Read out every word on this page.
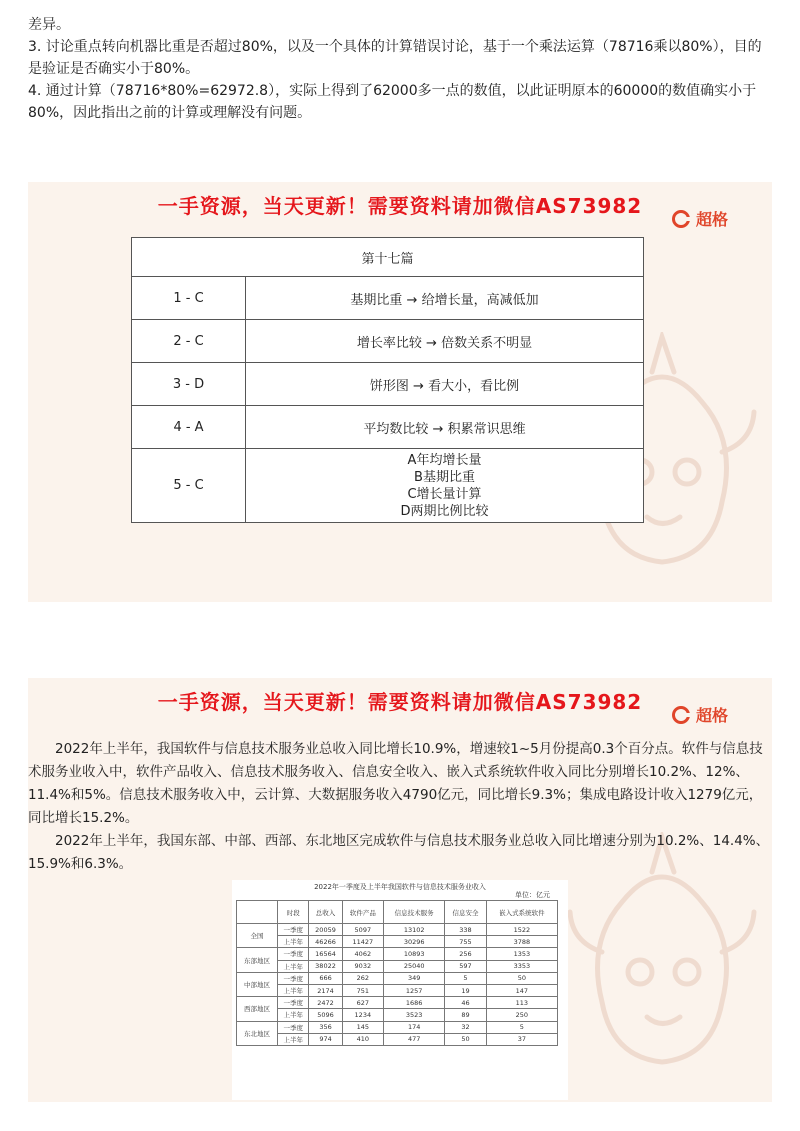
差异。

3. 讨论重点转向机器比重是否超过80%，以及一个具体的计算错误讨论，基于一个乘法运算（78716乘以80%），目的是验证是否确实小于80%。

4. 通过计算（78716*80%=62972.8），实际上得到了62000多一点的数值，以此证明原本的60000的数值确实小于80%，因此指出之前的计算或理解没有问题。

一手资源，当天更新！需要资料请加微信AS73982
超格
第十七篇	
1 - C	基期比重 → 给增长量，高减低加
2 - C	增长率比较 → 倍数关系不明显
3 - D	饼形图 → 看大小，看比例
4 - A	平均数比较 → 积累常识思维
5 - C	A年均增长量
B基期比重
C增长量计算
D两期比例比较
一手资源，当天更新！需要资料请加微信AS73982
超格

2022年上半年，我国软件与信息技术服务业总收入同比增长10.9%，增速较1~5月份提高0.3个百分点。软件与信息技术服务业收入中，软件产品收入、信息技术服务收入、信息安全收入、嵌入式系统软件收入同比分别增长10.2%、12%、11.4%和5%。信息技术服务收入中，云计算、大数据服务收入4790亿元，同比增长9.3%；集成电路设计收入1279亿元，同比增长15.2%。

2022年上半年，我国东部、中部、西部、东北地区完成软件与信息技术服务业总收入同比增速分别为10.2%、14.4%、15.9%和6.3%。

2022年一季度及上半年我国软件与信息技术服务业收入
单位：亿元
	时段	总收入	软件产品	信息技术服务	信息安全	嵌入式系统软件
全国	一季度	20059	5097	13102	338	1522
	上半年	46266	11427	30296	755	3788
东部地区	一季度	16564	4062	10893	256	1353
	上半年	38022	9032	25040	597	3353
中部地区	一季度	666	262	349	5	50
	上半年	2174	751	1257	19	147
西部地区	一季度	2472	627	1686	46	113
	上半年	5096	1234	3523	89	250
东北地区	一季度	356	145	174	32	5
	上半年	974	410	477	50	37
